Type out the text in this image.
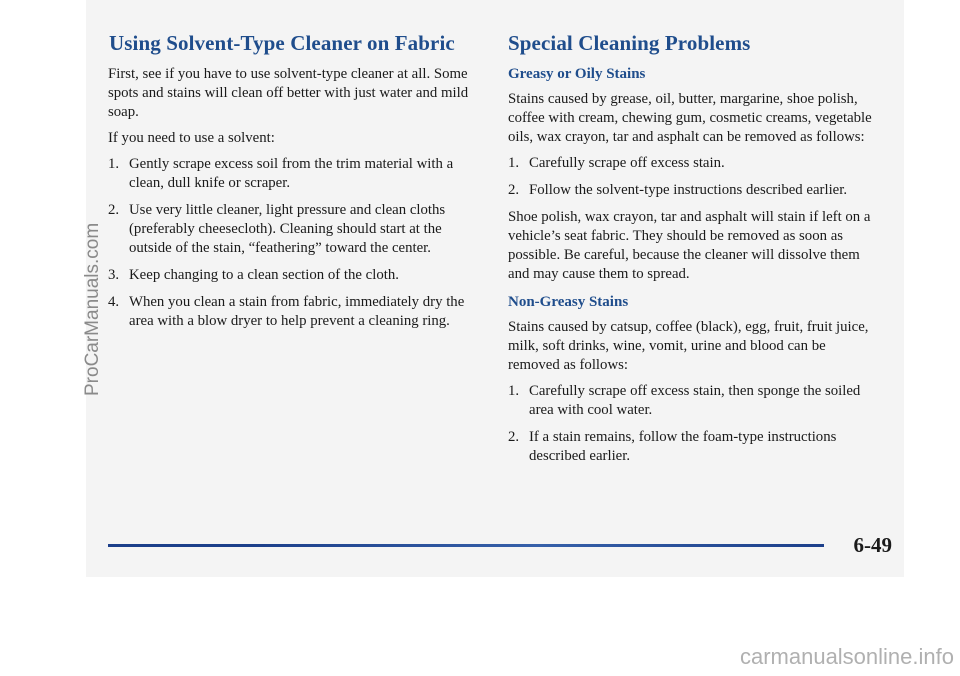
Using Solvent-Type Cleaner on Fabric

First, see if you have to use solvent-type cleaner at all. Some spots and stains will clean off better with just water and mild soap.

If you need to use a solvent:

1. Gently scrape excess soil from the trim material with a clean, dull knife or scraper.
2. Use very little cleaner, light pressure and clean cloths (preferably cheesecloth). Cleaning should start at the outside of the stain, “feathering” toward the center.
3. Keep changing to a clean section of the cloth.
4. When you clean a stain from fabric, immediately dry the area with a blow dryer to help prevent a cleaning ring.
Special Cleaning Problems
Greasy or Oily Stains

Stains caused by grease, oil, butter, margarine, shoe polish, coffee with cream, chewing gum, cosmetic creams, vegetable oils, wax crayon, tar and asphalt can be removed as follows:

1. Carefully scrape off excess stain.
2. Follow the solvent-type instructions described earlier.

Shoe polish, wax crayon, tar and asphalt will stain if left on a vehicle’s seat fabric. They should be removed as soon as possible. Be careful, because the cleaner will dissolve them and may cause them to spread.

Non-Greasy Stains

Stains caused by catsup, coffee (black), egg, fruit, fruit juice, milk, soft drinks, wine, vomit, urine and blood can be removed as follows:

1. Carefully scrape off excess stain, then sponge the soiled area with cool water.
2. If a stain remains, follow the foam-type instructions described earlier.
ProCarManuals.com
6-49
carmanualsonline.info
